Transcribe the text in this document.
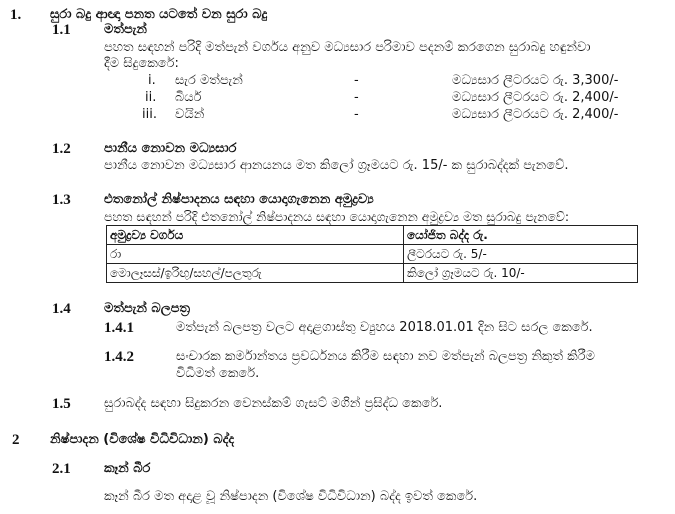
1. සුරා බදු ආඥා පනත යටතේ වන සුරා බදු
1.1	මත්පැන්
පහත සඳහන් පරිදි මත්පැන් වර්ගය අනුව මධ්‍යසාර පරිමාව පදනම් කරගෙන සුරාබදු හඳුන්වා
දීම සිදුකෙරේ:
i. සැර මත්පැන්	-	මධ්‍යසාර ලීටරයට රු. 3,300/-
ii. බියර්	-	මධ්‍යසාර ලීටරයට රු. 2,400/-
iii. වයින්	-	මධ්‍යසාර ලීටරයට රු. 2,400/-
1.2	පානීය නොවන මධ්‍යසාර
පානීය නොවන මධ්‍යසාර ආනයනය මත කිලෝ ග්‍රෑමයට රු. 15/- ක සුරාබද්දක් පැනවේ.
1.3	එතනෝල් නිෂ්පාදනය සඳහා යොදාගැනෙන අමුද්‍රව්‍ය
පහත සඳහන් පරිදි එතනෝල් නිෂ්පාදනය සඳහා යොදාගැනෙන අමුද්‍රව්‍ය මත සුරාබදු පැනවේ:
අමුද්‍රව්‍ය වර්ගය	යෝජිත බද්ද රු.
රා	ලීටරයට රු. 5/-
මොලෑසස්/ඉරිඟු/සහල්/පලතුරු	කිලෝ ග්‍රෑමයට රු. 10/-
1.4	මත්පැන් බලපත්‍ර
1.4.1	මත්පැන් බලපත්‍ර වලට අදාළගාස්තු ව්‍යුහය 2018.01.01 දින සිට සරල කෙරේ.
1.4.2	සංචාරක කර්මාන්තය ප්‍රවර්ධනය කිරීම සඳහා නව මත්පැන් බලපත්‍ර නිකුත් කිරීම
විධිමත් කෙරේ.
1.5	සුරාබද්ද සඳහා සිදුකරන වෙනස්කම් ගැසට් මගින් ප්‍රසිද්ධ කෙරේ.
2 නිෂ්පාදන (විශේෂ විධිවිධාන) බද්ද
2.1	කෑන් බීර
කෑන් බීර මත අදාළ වූ නිෂ්පාදන (විශේෂ විධිවිධාන) බද්ද ඉවත් කෙරේ.
